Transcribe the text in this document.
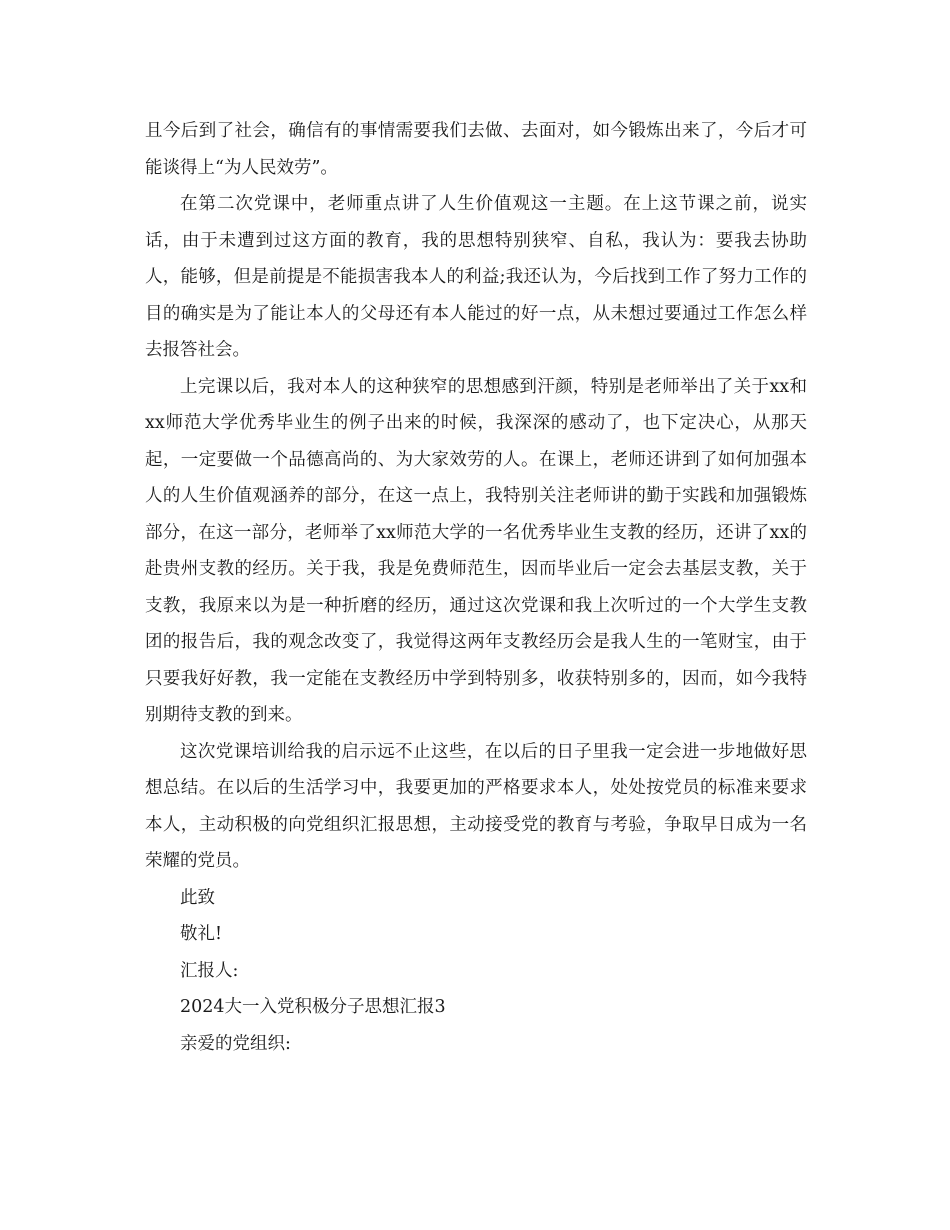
且今后到了社会，确信有的事情需要我们去做、去面对，如今锻炼出来了，今后才可能谈得上“为人民效劳”。

在第二次党课中，老师重点讲了人生价值观这一主题。在上这节课之前，说实话，由于未遭到过这方面的教育，我的思想特别狭窄、自私，我认为：要我去协助人，能够，但是前提是不能损害我本人的利益;我还认为，今后找到工作了努力工作的目的确实是为了能让本人的父母还有本人能过的好一点，从未想过要通过工作怎么样去报答社会。

上完课以后，我对本人的这种狭窄的思想感到汗颜，特别是老师举出了关于xx和xx师范大学优秀毕业生的例子出来的时候，我深深的感动了，也下定决心，从那天起，一定要做一个品德高尚的、为大家效劳的人。在课上，老师还讲到了如何加强本人的人生价值观涵养的部分，在这一点上，我特别关注老师讲的勤于实践和加强锻炼部分，在这一部分，老师举了xx师范大学的一名优秀毕业生支教的经历，还讲了xx的赴贵州支教的经历。关于我，我是免费师范生，因而毕业后一定会去基层支教，关于支教，我原来以为是一种折磨的经历，通过这次党课和我上次听过的一个大学生支教团的报告后，我的观念改变了，我觉得这两年支教经历会是我人生的一笔财宝，由于只要我好好教，我一定能在支教经历中学到特别多，收获特别多的，因而，如今我特别期待支教的到来。

这次党课培训给我的启示远不止这些，在以后的日子里我一定会进一步地做好思想总结。在以后的生活学习中，我要更加的严格要求本人，处处按党员的标准来要求本人，主动积极的向党组织汇报思想，主动接受党的教育与考验，争取早日成为一名荣耀的党员。

此致

敬礼!

汇报人:

2024大一入党积极分子思想汇报3

亲爱的党组织:
